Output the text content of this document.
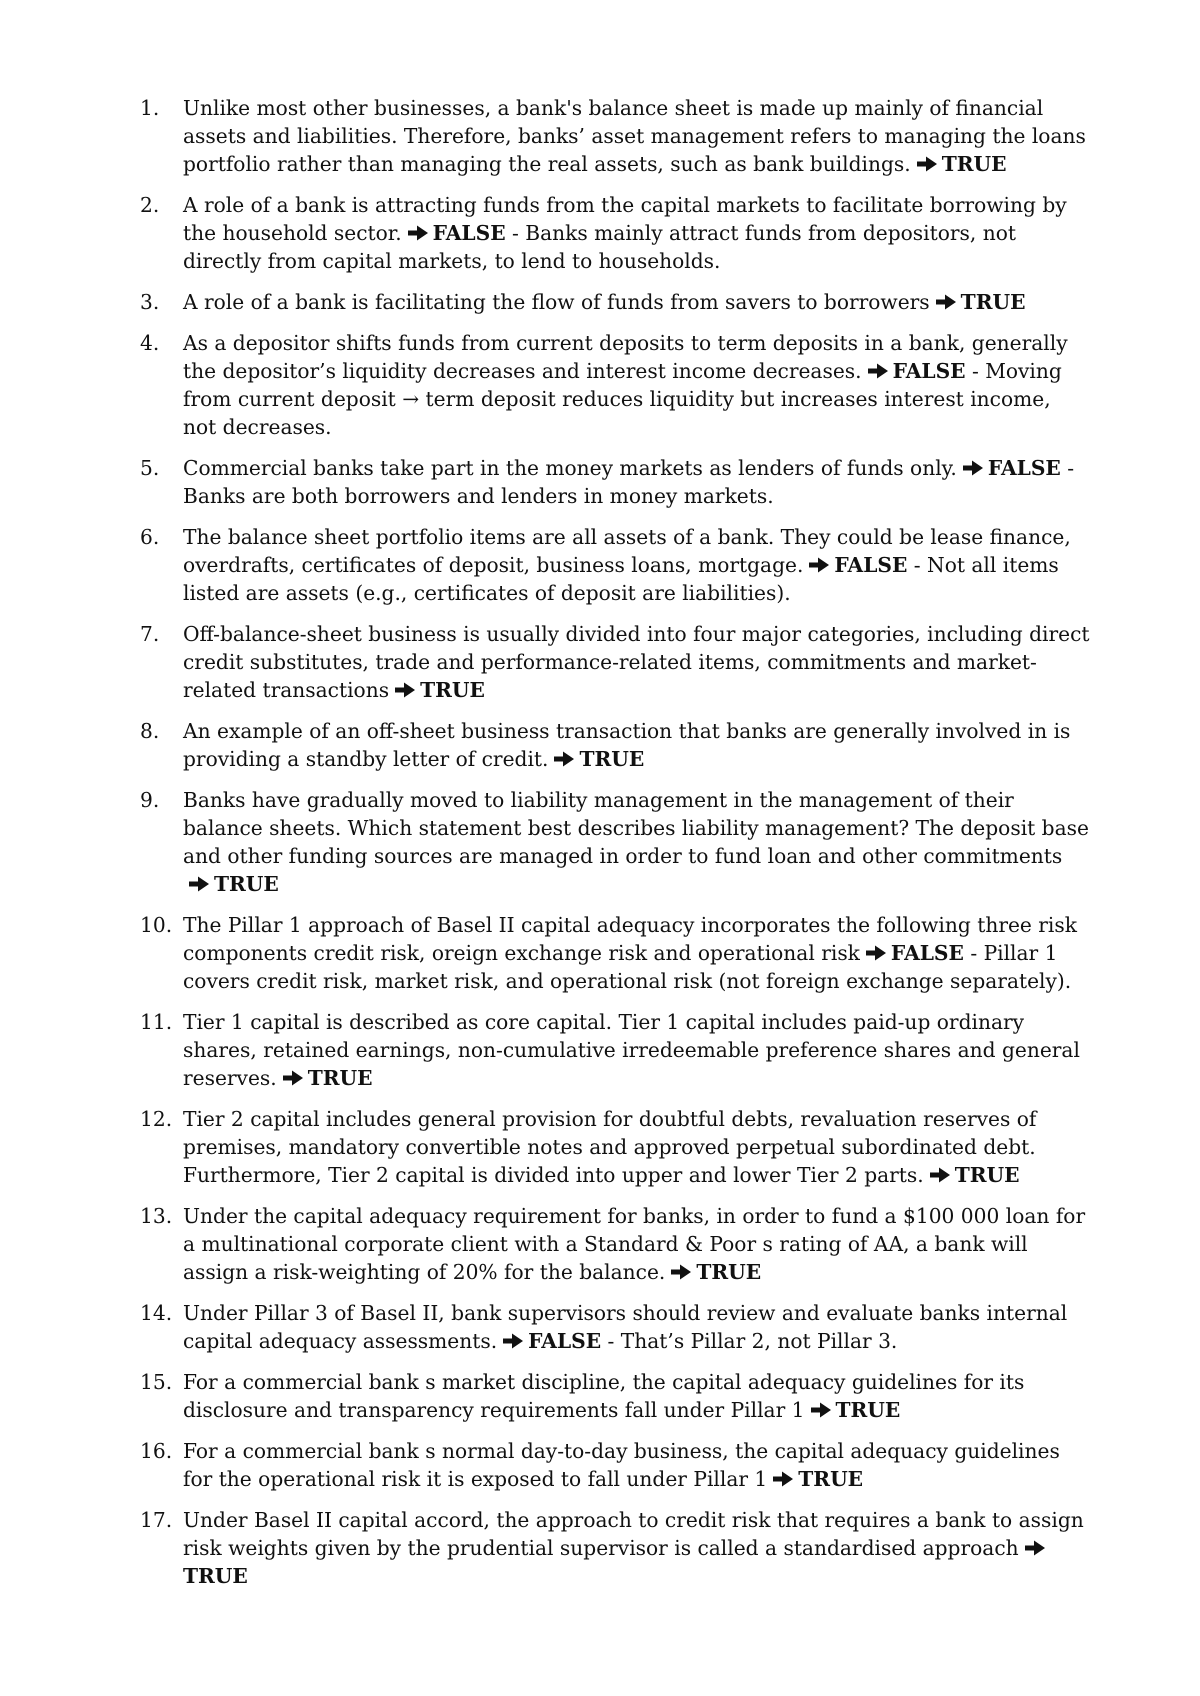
1.	Unlike most other businesses, a bank's balance sheet is made up mainly of financial assets and liabilities. Therefore, banks’ asset management refers to managing the loans portfolio rather than managing the real assets, such as bank buildings. TRUE
2.	A role of a bank is attracting funds from the capital markets to facilitate borrowing by the household sector. FALSE - Banks mainly attract funds from depositors, not directly from capital markets, to lend to households.
3.	A role of a bank is facilitating the flow of funds from savers to borrowers TRUE
4.	As a depositor shifts funds from current deposits to term deposits in a bank, generally the depositor’s liquidity decreases and interest income decreases. FALSE - Moving from current deposit → term deposit reduces liquidity but increases interest income, not decreases.
5.	Commercial banks take part in the money markets as lenders of funds only. FALSE - Banks are both borrowers and lenders in money markets.
6.	The balance sheet portfolio items are all assets of a bank. They could be lease finance, overdrafts, certificates of deposit, business loans, mortgage. FALSE - Not all items listed are assets (e.g., certificates of deposit are liabilities).
7.	Off-balance-sheet business is usually divided into four major categories, including direct credit substitutes, trade and performance-related items, commitments and market-related transactions TRUE
8.	An example of an off-sheet business transaction that banks are generally involved in is providing a standby letter of credit. TRUE
9.	Banks have gradually moved to liability management in the management of their balance sheets. Which statement best describes liability management? The deposit base and other funding sources are managed in order to fund loan and other commitmentsTRUE
10. The Pillar 1 approach of Basel II capital adequacy incorporates the following three risk components credit risk, oreign exchange risk and operational risk FALSE - Pillar 1 covers credit risk, market risk, and operational risk (not foreign exchange separately).
11. Tier 1 capital is described as core capital. Tier 1 capital includes paid-up ordinary shares, retained earnings, non-cumulative irredeemable preference shares and general reserves. TRUE
12. Tier 2 capital includes general provision for doubtful debts, revaluation reserves of premises, mandatory convertible notes and approved perpetual subordinated debt. Furthermore, Tier 2 capital is divided into upper and lower Tier 2 parts. TRUE
13. Under the capital adequacy requirement for banks, in order to fund a $100 000 loan for a multinational corporate client with a Standard & Poor s rating of AA, a bank will assign a risk-weighting of 20% for the balance. TRUE
14. Under Pillar 3 of Basel II, bank supervisors should review and evaluate banks internal capital adequacy assessments. FALSE - That’s Pillar 2, not Pillar 3.
15. For a commercial bank s market discipline, the capital adequacy guidelines for its disclosure and transparency requirements fall under Pillar 1 TRUE
16. For a commercial bank s normal day-to-day business, the capital adequacy guidelines for the operational risk it is exposed to fall under Pillar 1 TRUE
17. Under Basel II capital accord, the approach to credit risk that requires a bank to assign risk weights given by the prudential supervisor is called a standardised approachTRUE
